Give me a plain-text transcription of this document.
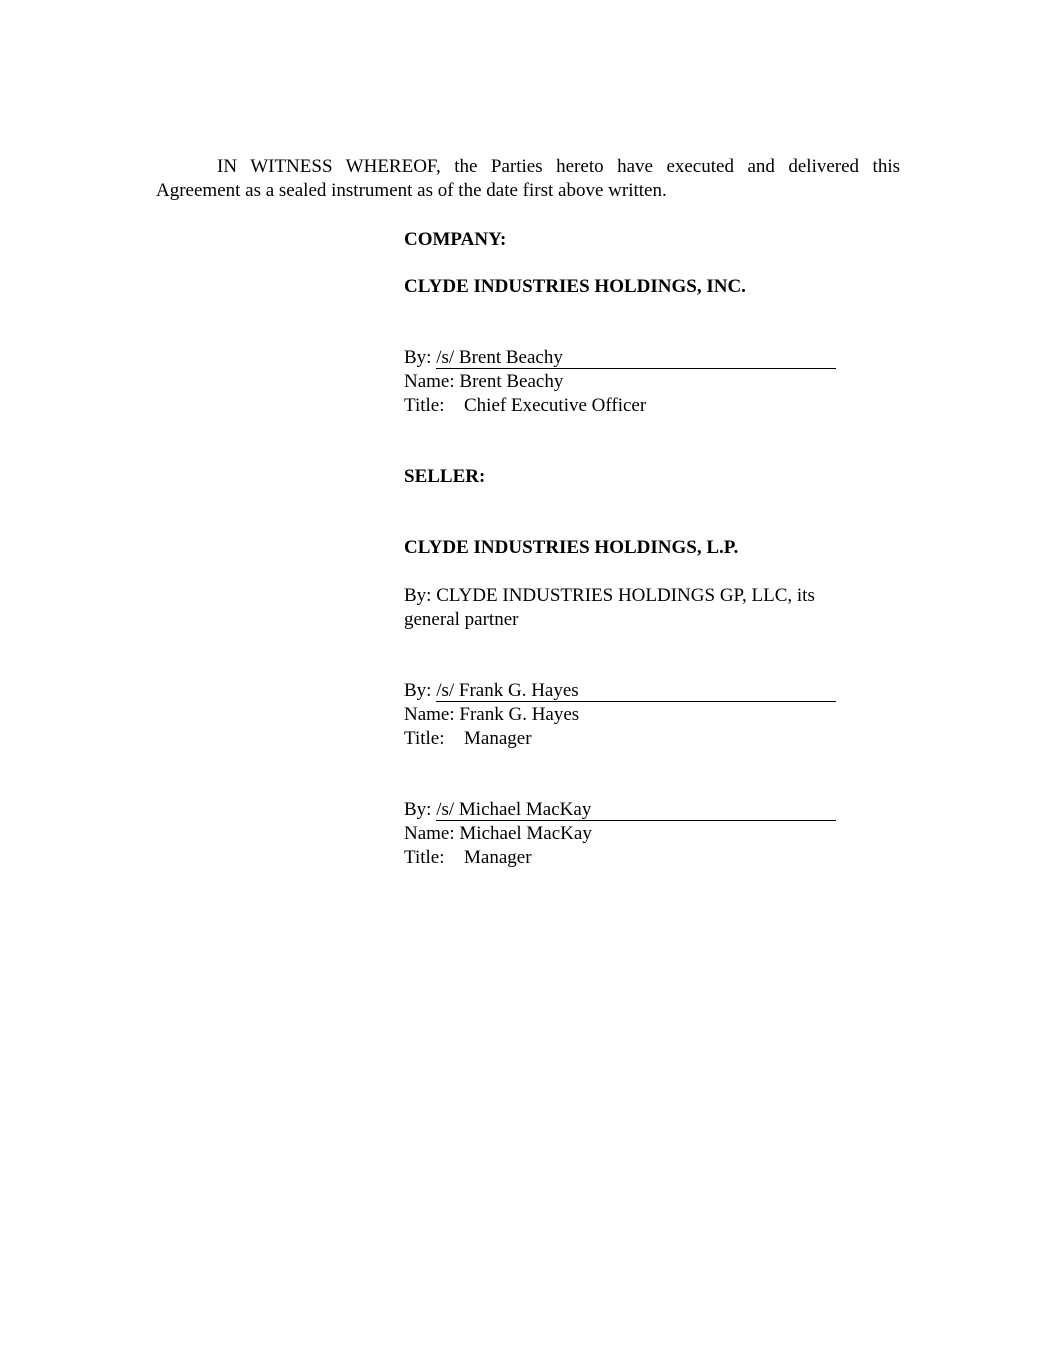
IN WITNESS WHEREOF, the Parties hereto have executed and delivered this Agreement as a sealed instrument as of the date first above written.

COMPANY:

CLYDE INDUSTRIES HOLDINGS, INC.

By: /s/ Brent Beachy

Name: Brent Beachy

Title: Chief Executive Officer

SELLER:

CLYDE INDUSTRIES HOLDINGS, L.P.

By: CLYDE INDUSTRIES HOLDINGS GP, LLC, its general partner

By: /s/ Frank G. Hayes

Name: Frank G. Hayes

Title: Manager

By: /s/ Michael MacKay

Name: Michael MacKay

Title: Manager
